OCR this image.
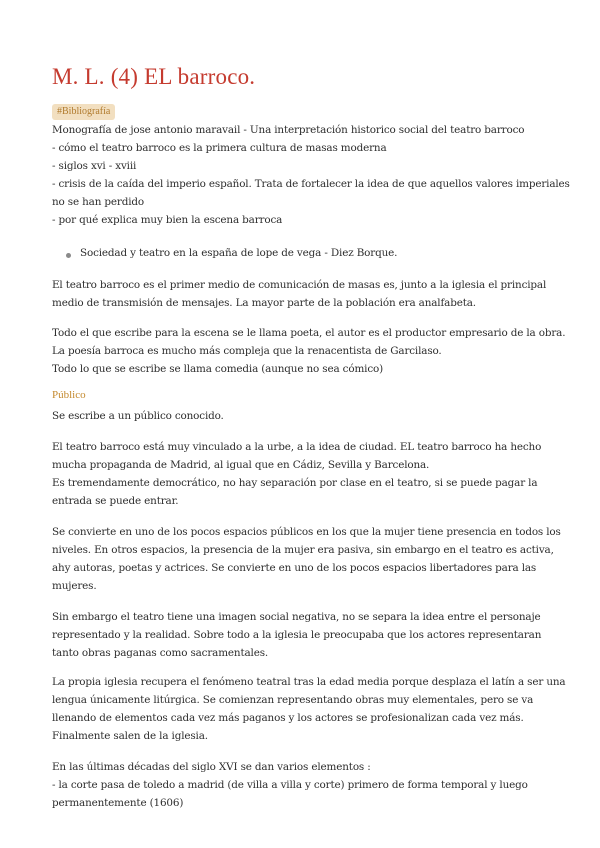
M. L. (4) EL barroco.
#Bibliografía
Monografía de jose antonio maravail - Una interpretación historico social del teatro barroco
- cómo el teatro barroco es la primera cultura de masas moderna
- siglos xvi - xviii
- crisis de la caída del imperio español. Trata de fortalecer la idea de que aquellos valores imperiales
no se han perdido
- por qué explica muy bien la escena barroca
Sociedad y teatro en la españa de lope de vega - Diez Borque.
El teatro barroco es el primer medio de comunicación de masas es, junto a la iglesia el principal
medio de transmisión de mensajes. La mayor parte de la población era analfabeta.
Todo el que escribe para la escena se le llama poeta, el autor es el productor empresario de la obra.
La poesía barroca es mucho más compleja que la renacentista de Garcilaso.
Todo lo que se escribe se llama comedia (aunque no sea cómico)
Público
Se escribe a un público conocido.
El teatro barroco está muy vinculado a la urbe, a la idea de ciudad. EL teatro barroco ha hecho
mucha propaganda de Madrid, al igual que en Cádiz, Sevilla y Barcelona.
Es tremendamente democrático, no hay separación por clase en el teatro, si se puede pagar la
entrada se puede entrar.
Se convierte en uno de los pocos espacios públicos en los que la mujer tiene presencia en todos los
niveles. En otros espacios, la presencia de la mujer era pasiva, sin embargo en el teatro es activa,
ahy autoras, poetas y actrices. Se convierte en uno de los pocos espacios libertadores para las
mujeres.
Sin embargo el teatro tiene una imagen social negativa, no se separa la idea entre el personaje
representado y la realidad. Sobre todo a la iglesia le preocupaba que los actores representaran
tanto obras paganas como sacramentales.
La propia iglesia recupera el fenómeno teatral tras la edad media porque desplaza el latín a ser una
lengua únicamente litúrgica. Se comienzan representando obras muy elementales, pero se va
llenando de elementos cada vez más paganos y los actores se profesionalizan cada vez más.
Finalmente salen de la iglesia.
En las últimas décadas del siglo XVI se dan varios elementos :
- la corte pasa de toledo a madrid (de villa a villa y corte) primero de forma temporal y luego
permanentemente (1606)
